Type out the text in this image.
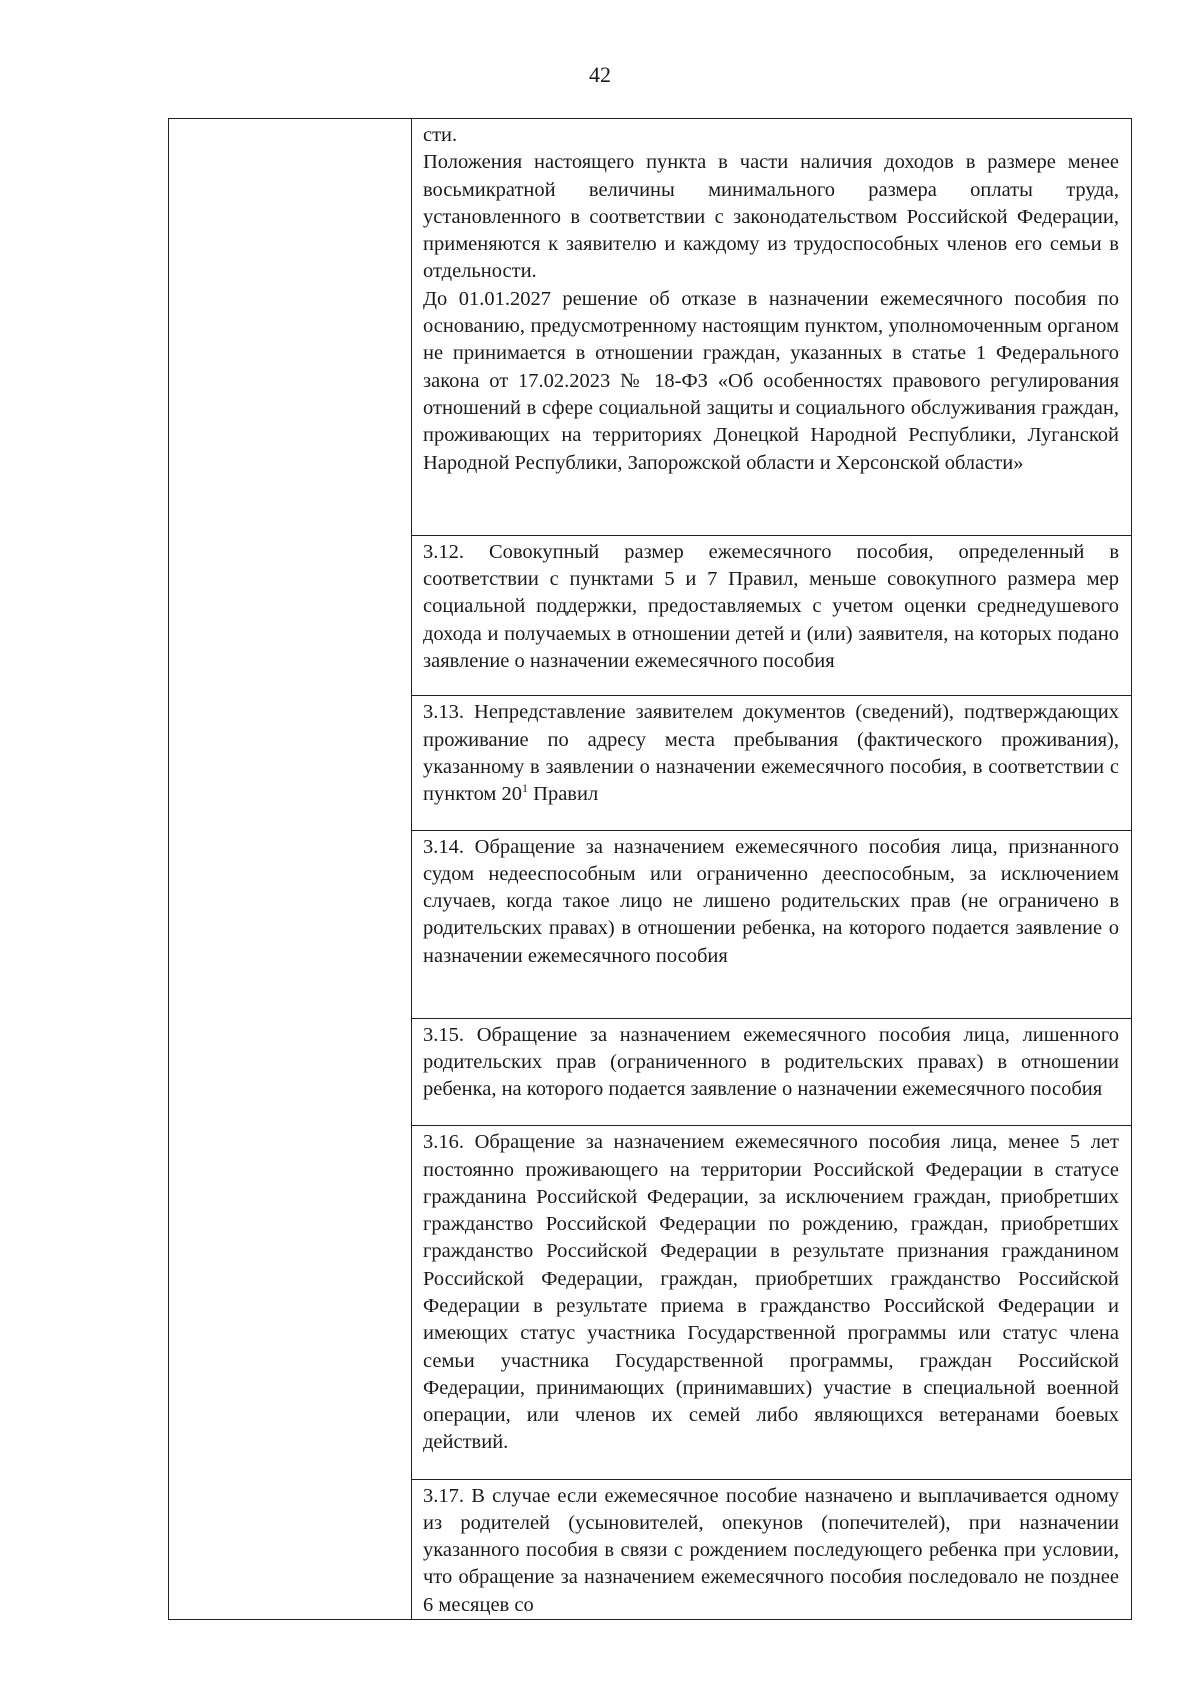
42

сти.

Положения настоящего пункта в части наличия доходов в размере менее восьмикратной величины минимального размера оплаты труда, установленного в соответствии с законодательством Российской Федерации, применяются к заявителю и каждому из трудоспособных членов его семьи в отдельности.

До 01.01.2027 решение об отказе в назначении ежемесячного пособия по основанию, предусмотренному настоящим пунктом, уполномоченным органом не принимается в отношении граждан, указанных в статье 1 Федерального закона от 17.02.2023 № 18-ФЗ «Об особенностях правового регулирования отношений в сфере социальной защиты и социального обслуживания граждан, проживающих на территориях Донецкой Народной Республики, Луганской Народной Республики, Запорожской области и Херсонской области»

3.12. Совокупный размер ежемесячного пособия, определенный в соответствии с пунктами 5 и 7 Правил, меньше совокупного размера мер социальной поддержки, предоставляемых с учетом оценки среднедушевого дохода и получаемых в отношении детей и (или) заявителя, на которых подано заявление о назначении ежемесячного пособия

3.13. Непредставление заявителем документов (сведений), подтверждающих проживание по адресу места пребывания (фактического проживания), указанному в заявлении о назначении ежемесячного пособия, в соответствии с пунктом $20^1$ Правил

3.14. Обращение за назначением ежемесячного пособия лица, признанного судом недееспособным или ограниченно дееспособным, за исключением случаев, когда такое лицо не лишено родительских прав (не ограничено в родительских правах) в отношении ребенка, на которого подается заявление о назначении ежемесячного пособия

3.15. Обращение за назначением ежемесячного пособия лица, лишенного родительских прав (ограниченного в родительских правах) в отношении ребенка, на которого подается заявление о назначении ежемесячного пособия

3.16. Обращение за назначением ежемесячного пособия лица, менее 5 лет постоянно проживающего на территории Российской Федерации в статусе гражданина Российской Федерации, за исключением граждан, приобретших гражданство Российской Федерации по рождению, граждан, приобретших гражданство Российской Федерации в результате признания гражданином Российской Федерации, граждан, приобретших гражданство Российской Федерации в результате приема в гражданство Российской Федерации и имеющих статус участника Государственной программы или статус члена семьи участника Государственной программы, граждан Российской Федерации, принимающих (принимавших) участие в специальной военной операции, или членов их семей либо являющихся ветеранами боевых действий.

3.17. В случае если ежемесячное пособие назначено и выплачивается одному из родителей (усыновителей, опекунов (попечителей), при назначении указанного пособия в связи с рождением последующего ребенка при условии, что обращение за назначением ежемесячного пособия последовало не позднее 6 месяцев со
